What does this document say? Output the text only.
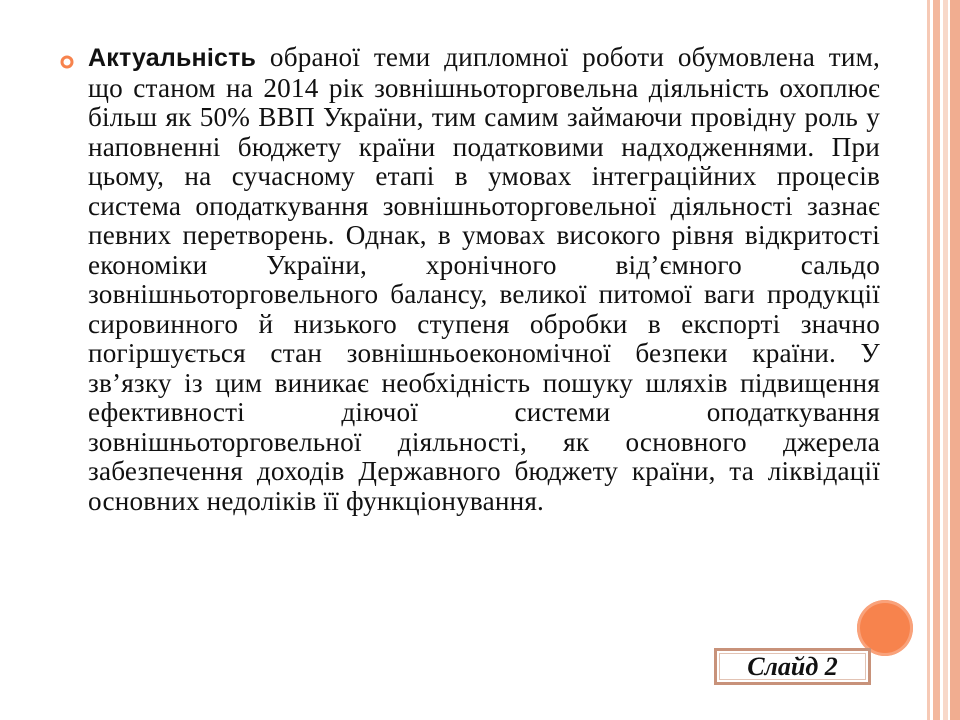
Актуальність обраної теми дипломної роботи обумовлена тим, що станом на 2014 рік зовнішньоторговельна діяльність охоплює більш як 50% ВВП України, тим самим займаючи провідну роль у наповненні бюджету країни податковими надходженнями. При цьому, на сучасному етапі в умовах інтеграційних процесів система оподаткування зовнішньоторговельної діяльності зазнає певних перетворень. Однак, в умовах високого рівня відкритості економіки України, хронічного від’ємного сальдо зовнішньоторговельного балансу, великої питомої ваги продукції сировинного й низького ступеня обробки в експорті значно погіршується стан зовнішньоекономічної безпеки країни. У зв’язку із цим виникає необхідність пошуку шляхів підвищення ефективності діючої системи оподаткування зовнішньоторговельної діяльності, як основного джерела забезпечення доходів Державного бюджету країни, та ліквідації основних недоліків її функціонування.
Слайд 2
